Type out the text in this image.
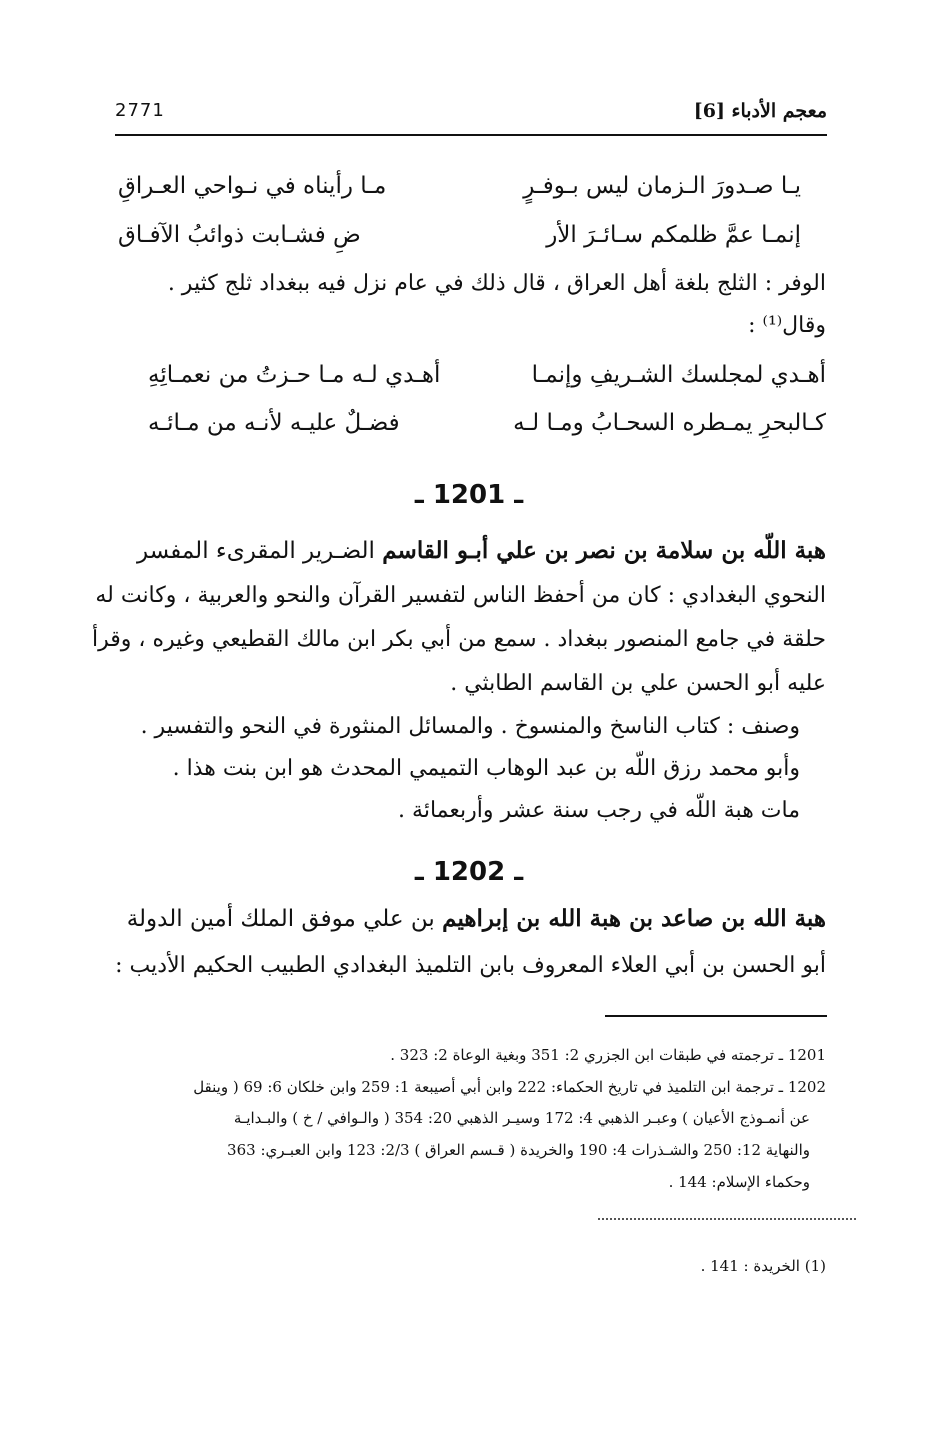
معجم الأدباء [6]
2771
يـا صـدورَ الـزمان ليس بـوفـرٍ
مـا رأيناه في نـواحي العـراقِ
إنمـا عمَّ ظلمكم سـائـرَ الأر
ضِ فشـابت ذوائبُ الآفـاق
الوفر : الثلج بلغة أهل العراق ، قال ذلك في عام نزل فيه ببغداد ثلج كثير .
وقال⁽¹⁾ :
أهـدي لمجلسك الشـريفِ وإنمـا
أهـدي لـه مـا حـزتُ من نعمـائِهِ
كـالبحرِ يمـطره السحـابُ ومـا لـه
فضـلٌ عليـه لأنـه من مـائـه
ـ 1201 ـ
هبة اللّه بن سلامة بن نصر بن علي أبـو القاسم الضـرير المقرىء المفسر
النحوي البغدادي : كان من أحفظ الناس لتفسير القرآن والنحو والعربية ، وكانت له
حلقة في جامع المنصور ببغداد . سمع من أبي بكر ابن مالك القطيعي وغيره ، وقرأ
عليه أبو الحسن علي بن القاسم الطابثي .
وصنف : كتاب الناسخ والمنسوخ . والمسائل المنثورة في النحو والتفسير .
وأبو محمد رزق اللّه بن عبد الوهاب التميمي المحدث هو ابن بنت هذا .
مات هبة اللّه في رجب سنة عشر وأربعمائة .
ـ 1202 ـ
هبة الله بن صاعد بن هبة الله بن إبراهيم بن علي موفق الملك أمين الدولة
أبو الحسن بن أبي العلاء المعروف بابن التلميذ البغدادي الطبيب الحكيم الأديب :
1201 ـ ترجمته في طبقات ابن الجزري 2: 351 وبغية الوعاة 2: 323 .
1202 ـ ترجمة ابن التلميذ في تاريخ الحكماء: 222 وابن أبي أصيبعة 1: 259 وابن خلكان 6: 69 ( وينقل
عن أنمـوذج الأعيان ) وعبـر الذهبي 4: 172 وسيـر الذهبي 20: 354 ( والـوافي / خ ) والبـدايـة
والنهاية 12: 250 والشـذرات 4: 190 والخريدة ( قـسم العراق ) 2/3: 123 وابن العبـري: 363
وحكماء الإسلام: 144 .
(1) الخريدة : 141 .
